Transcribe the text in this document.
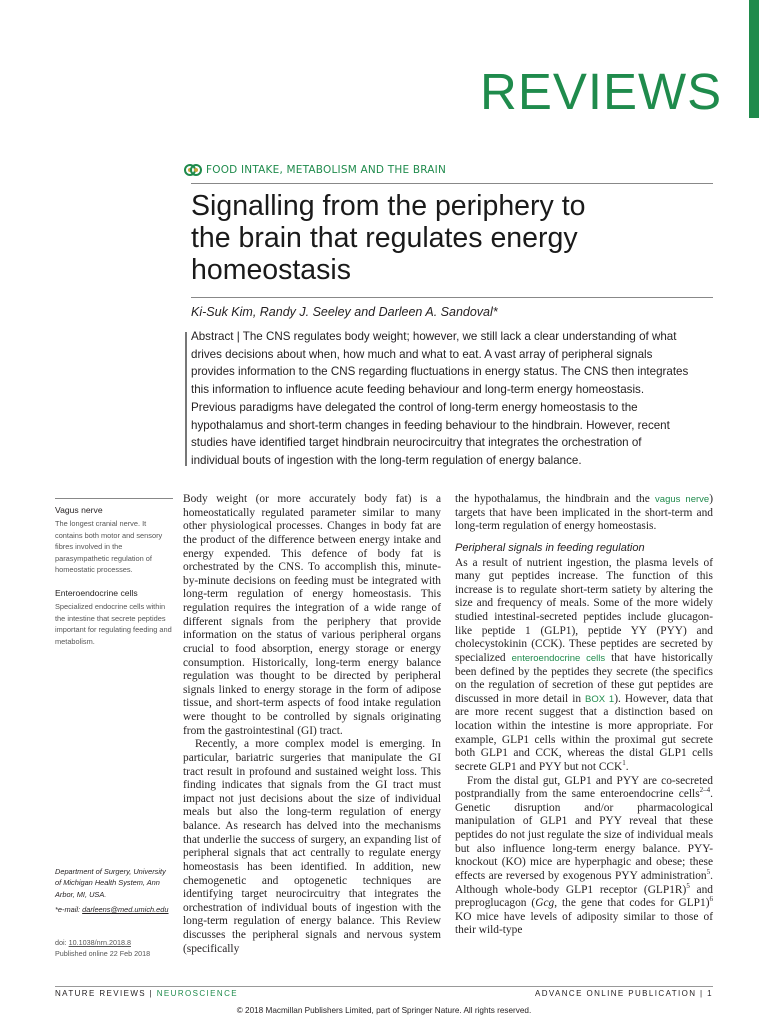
REVIEWS
FOOD INTAKE, METABOLISM AND THE BRAIN
Signalling from the periphery to
the brain that regulates energy
homeostasis
Ki-Suk Kim, Randy J. Seeley and Darleen A. Sandoval*
Abstract | The CNS regulates body weight; however, we still lack a clear understanding of what
drives decisions about when, how much and what to eat. A vast array of peripheral signals
provides information to the CNS regarding fluctuations in energy status. The CNS then integrates
this information to influence acute feeding behaviour and long-term energy homeostasis.
Previous paradigms have delegated the control of long-term energy homeostasis to the
hypothalamus and short-term changes in feeding behaviour to the hindbrain. However, recent
studies have identified target hindbrain neurocircuitry that integrates the orchestration of
individual bouts of ingestion with the long-term regulation of energy balance.
Vagus nerve
The longest cranial nerve. It contains both motor and sensory fibres involved in the parasympathetic regulation of homeostatic processes.
Enteroendocrine cells
Specialized endocrine cells within the intestine that secrete peptides important for regulating feeding and metabolism.
Department of Surgery, University of Michigan Health System, Ann Arbor, MI, USA.
*e-mail: darleens@med.umich.edu
doi: 10.1038/nrn.2018.8
Published online 22 Feb 2018

Body weight (or more accurately body fat) is a homeostatically regulated parameter similar to many other physiological processes. Changes in body fat are the product of the difference between energy intake and energy expended. This defence of body fat is orchestrated by the CNS. To accomplish this, minute-by-minute decisions on feeding must be integrated with long-term regulation of energy homeostasis. This regulation requires the integration of a wide range of different signals from the periphery that provide information on the status of various peripheral organs crucial to food absorption, energy storage or energy consumption. Historically, long-term energy balance regulation was thought to be directed by peripheral signals linked to energy storage in the form of adipose tissue, and short-term aspects of food intake regulation were thought to be controlled by signals originating from the gastrointestinal (GI) tract.

Recently, a more complex model is emerging. In particular, bariatric surgeries that manipulate the GI tract result in profound and sustained weight loss. This finding indicates that signals from the GI tract must impact not just decisions about the size of individual meals but also the long-term regulation of energy balance. As research has delved into the mechanisms that underlie the success of surgery, an expanding list of peripheral signals that act centrally to regulate energy homeostasis has been identified. In addition, new chemogenetic and optogenetic techniques are identifying target neurocircuitry that integrates the orchestration of individual bouts of ingestion with the long-term regulation of energy balance. This Review discusses the peripheral signals and nervous system (specifically

the hypothalamus, the hindbrain and the vagus nerve) targets that have been implicated in the short-term and long-term regulation of energy homeostasis.

Peripheral signals in feeding regulation

As a result of nutrient ingestion, the plasma levels of many gut peptides increase. The function of this increase is to regulate short-term satiety by altering the size and frequency of meals. Some of the more widely studied intestinal-secreted peptides include glucagon-like peptide 1 (GLP1), peptide YY (PYY) and cholecystokinin (CCK). These peptides are secreted by specialized enteroendocrine cells that have historically been defined by the peptides they secrete (the specifics on the regulation of secretion of these gut peptides are discussed in more detail in BOX 1). However, data that are more recent suggest that a distinction based on location within the intestine is more appropriate. For example, GLP1 cells within the proximal gut secrete both GLP1 and CCK, whereas the distal GLP1 cells secrete GLP1 and PYY but not CCK$^1$.

From the distal gut, GLP1 and PYY are co-secreted postprandially from the same enteroendocrine cells$^{2-4}$. Genetic disruption and/or pharmacological manipulation of GLP1 and PYY reveal that these peptides do not just regulate the size of individual meals but also influence long-term energy balance. PYY-knockout (KO) mice are hyperphagic and obese; these effects are reversed by exogenous PYY administration$^5$. Although whole-body GLP1 receptor $(GLP1R)^5$ and preproglucagon (Gcg, the gene that codes for GLP1)$^6$ KO mice have levels of adiposity similar to those of their wild-type

NATURE REVIEWS | NEUROSCIENCE	ADVANCE ONLINE PUBLICATION | 1
© 2018 Macmillan Publishers Limited, part of Springer Nature. All rights reserved.
